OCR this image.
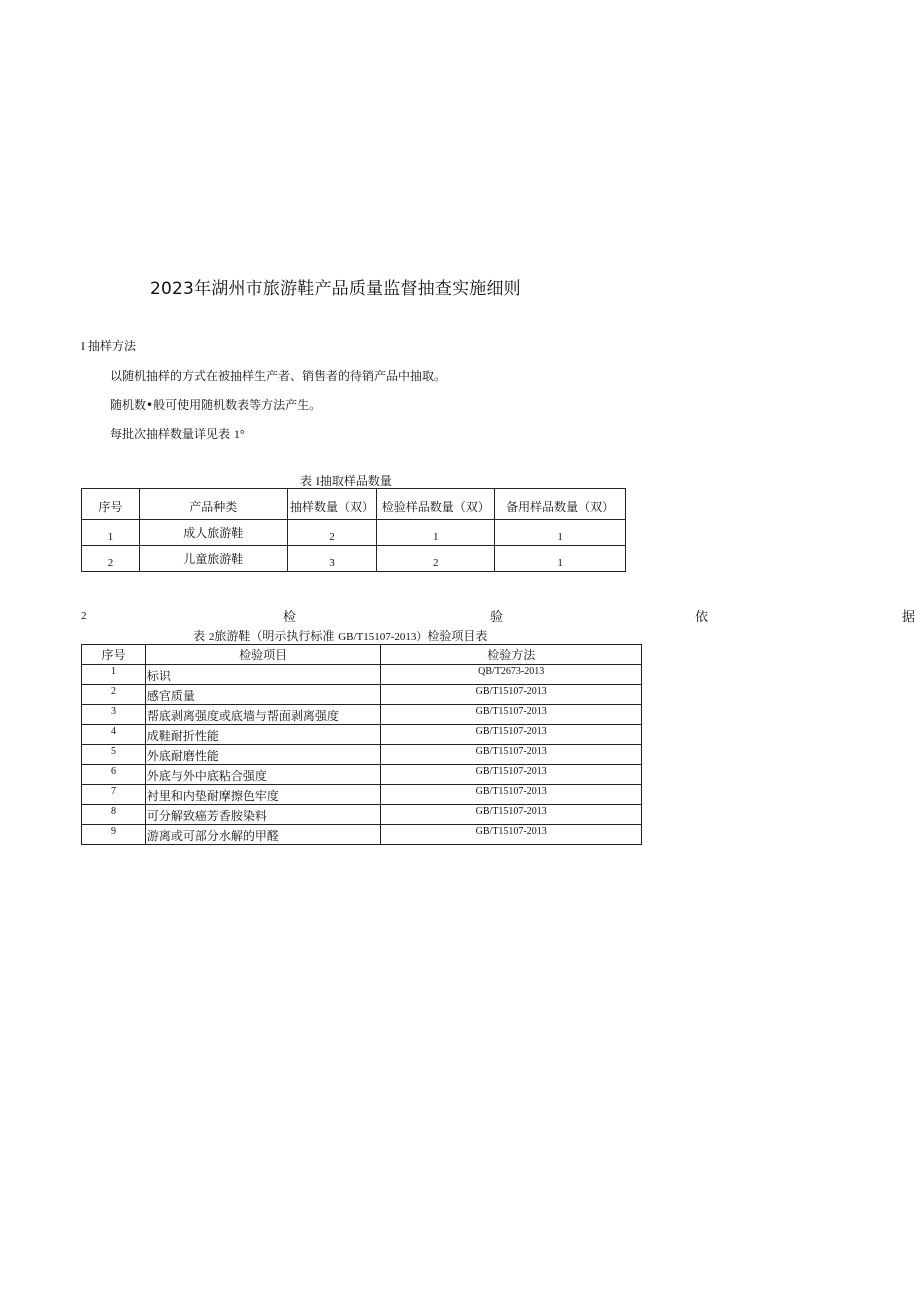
2023年湖州市旅游鞋产品质量监督抽查实施细则
I 抽样方法
以随机抽样的方式在被抽样生产者、销售者的待销产品中抽取。
随机数•般可使用随机数表等方法产生。
每批次抽样数量详见表 1°
表 I抽取样品数量
序号	产品种类	抽样数量（双）	检验样品数量（双）	备用样品数量（双）
1	成人旅游鞋	2	1	1
2	儿童旅游鞋	3	2	1
2	检	验	依	据
表 2旅游鞋（明示执行标准 GB/T15107-2013）检验项目表
序号	检验项目	检验方法
1	标识	QB/T2673-2013
2	感官质量	GB/T15107-2013
3	帮底剥离强度或底墙与帮面剥离强度	GB/T15107-2013
4	成鞋耐折性能	GB/T15107-2013
5	外底耐磨性能	GB/T15107-2013
6	外底与外中底粘合强度	GB/T15107-2013
7	衬里和内垫耐摩擦色牢度	GB/T15107-2013
8	可分解致癌芳香胺染料	GB/T15107-2013
9	游离或可部分水解的甲醛	GB/T15107-2013
